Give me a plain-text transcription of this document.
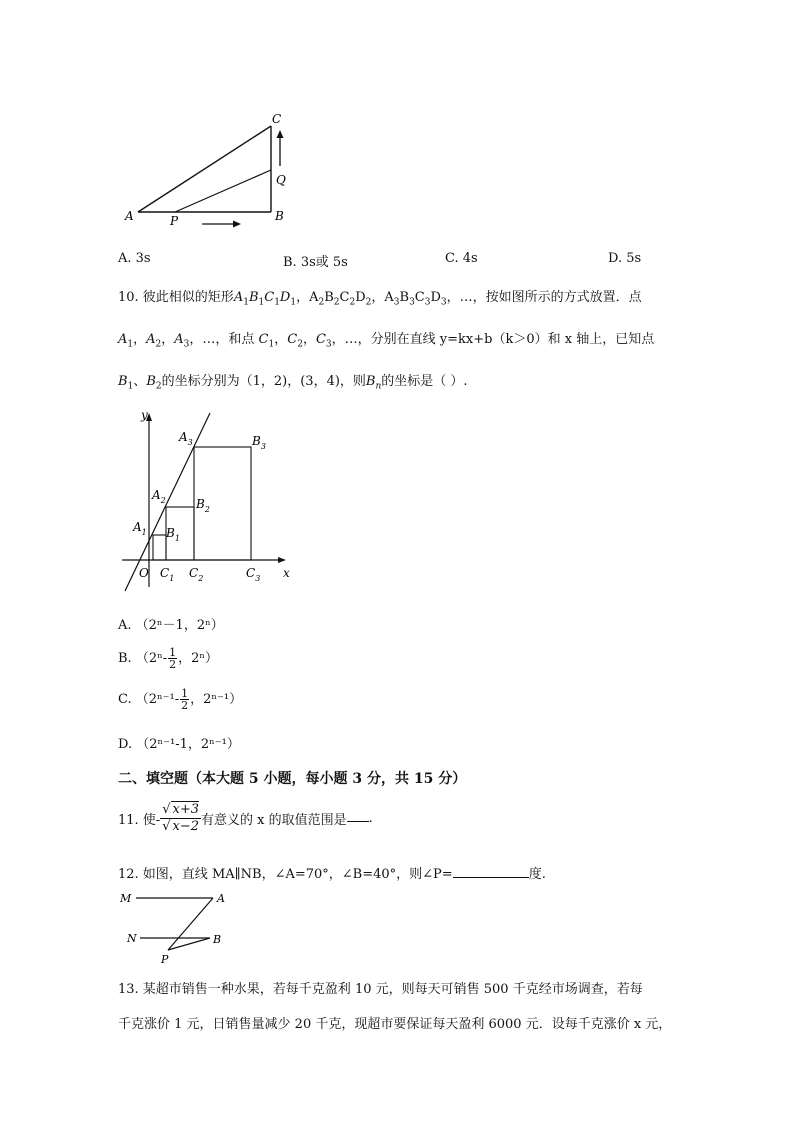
A	P	B
C
Q
A. 3s	B. 3s或 5s	C. 4s	D. 5s
10. 彼此相似的矩形$A_1B_1C_1D_1$，$A_2B_2C_2D_2$，$A_3B_3C_3D_3$，…，按如图所示的方式放置．点
$A_1$，$A_2$，$A_3$，…，和点 $C_1$，$C_2$，$C_3$，…，分别在直线 y=kx+b（k＞0）和 x 轴上，已知点
$B_1$、$B_2$的坐标分别为（1，2)，(3，4)，则$B_n$的坐标是（ ）.
y
x
O
$A_1$
$A_2$
$A_3$
$B_1$
$B_2$
$B_3$
$C_1$ $C_2$	$C_3$
A. （2ⁿ－1，2ⁿ）
B. （$2^n- \frac{1}{2}$ ，2ⁿ）
C. （$2^{n-1}- \frac{1}{2}$ ，2ⁿ⁻¹）
D. （2ⁿ⁻¹-1，2ⁿ⁻¹）
二、填空题（本大题 5 小题，每小题 3 分，共 15 分）
11. 使- $\frac{√ x+3}{√ x-2}$ 有意义的 x 的取值范围是 .
12. 如图，直线 MA∥NB，∠A=70°，∠B=40°，则∠P=	度.
M	A
N	B
P
13. 某超市销售一种水果，若每千克盈利 10 元，则每天可销售 500 千克经市场调查，若每
千克涨价 1 元，日销售量减少 20 千克，现超市要保证每天盈利 6000 元．设每千克涨价 x 元，
